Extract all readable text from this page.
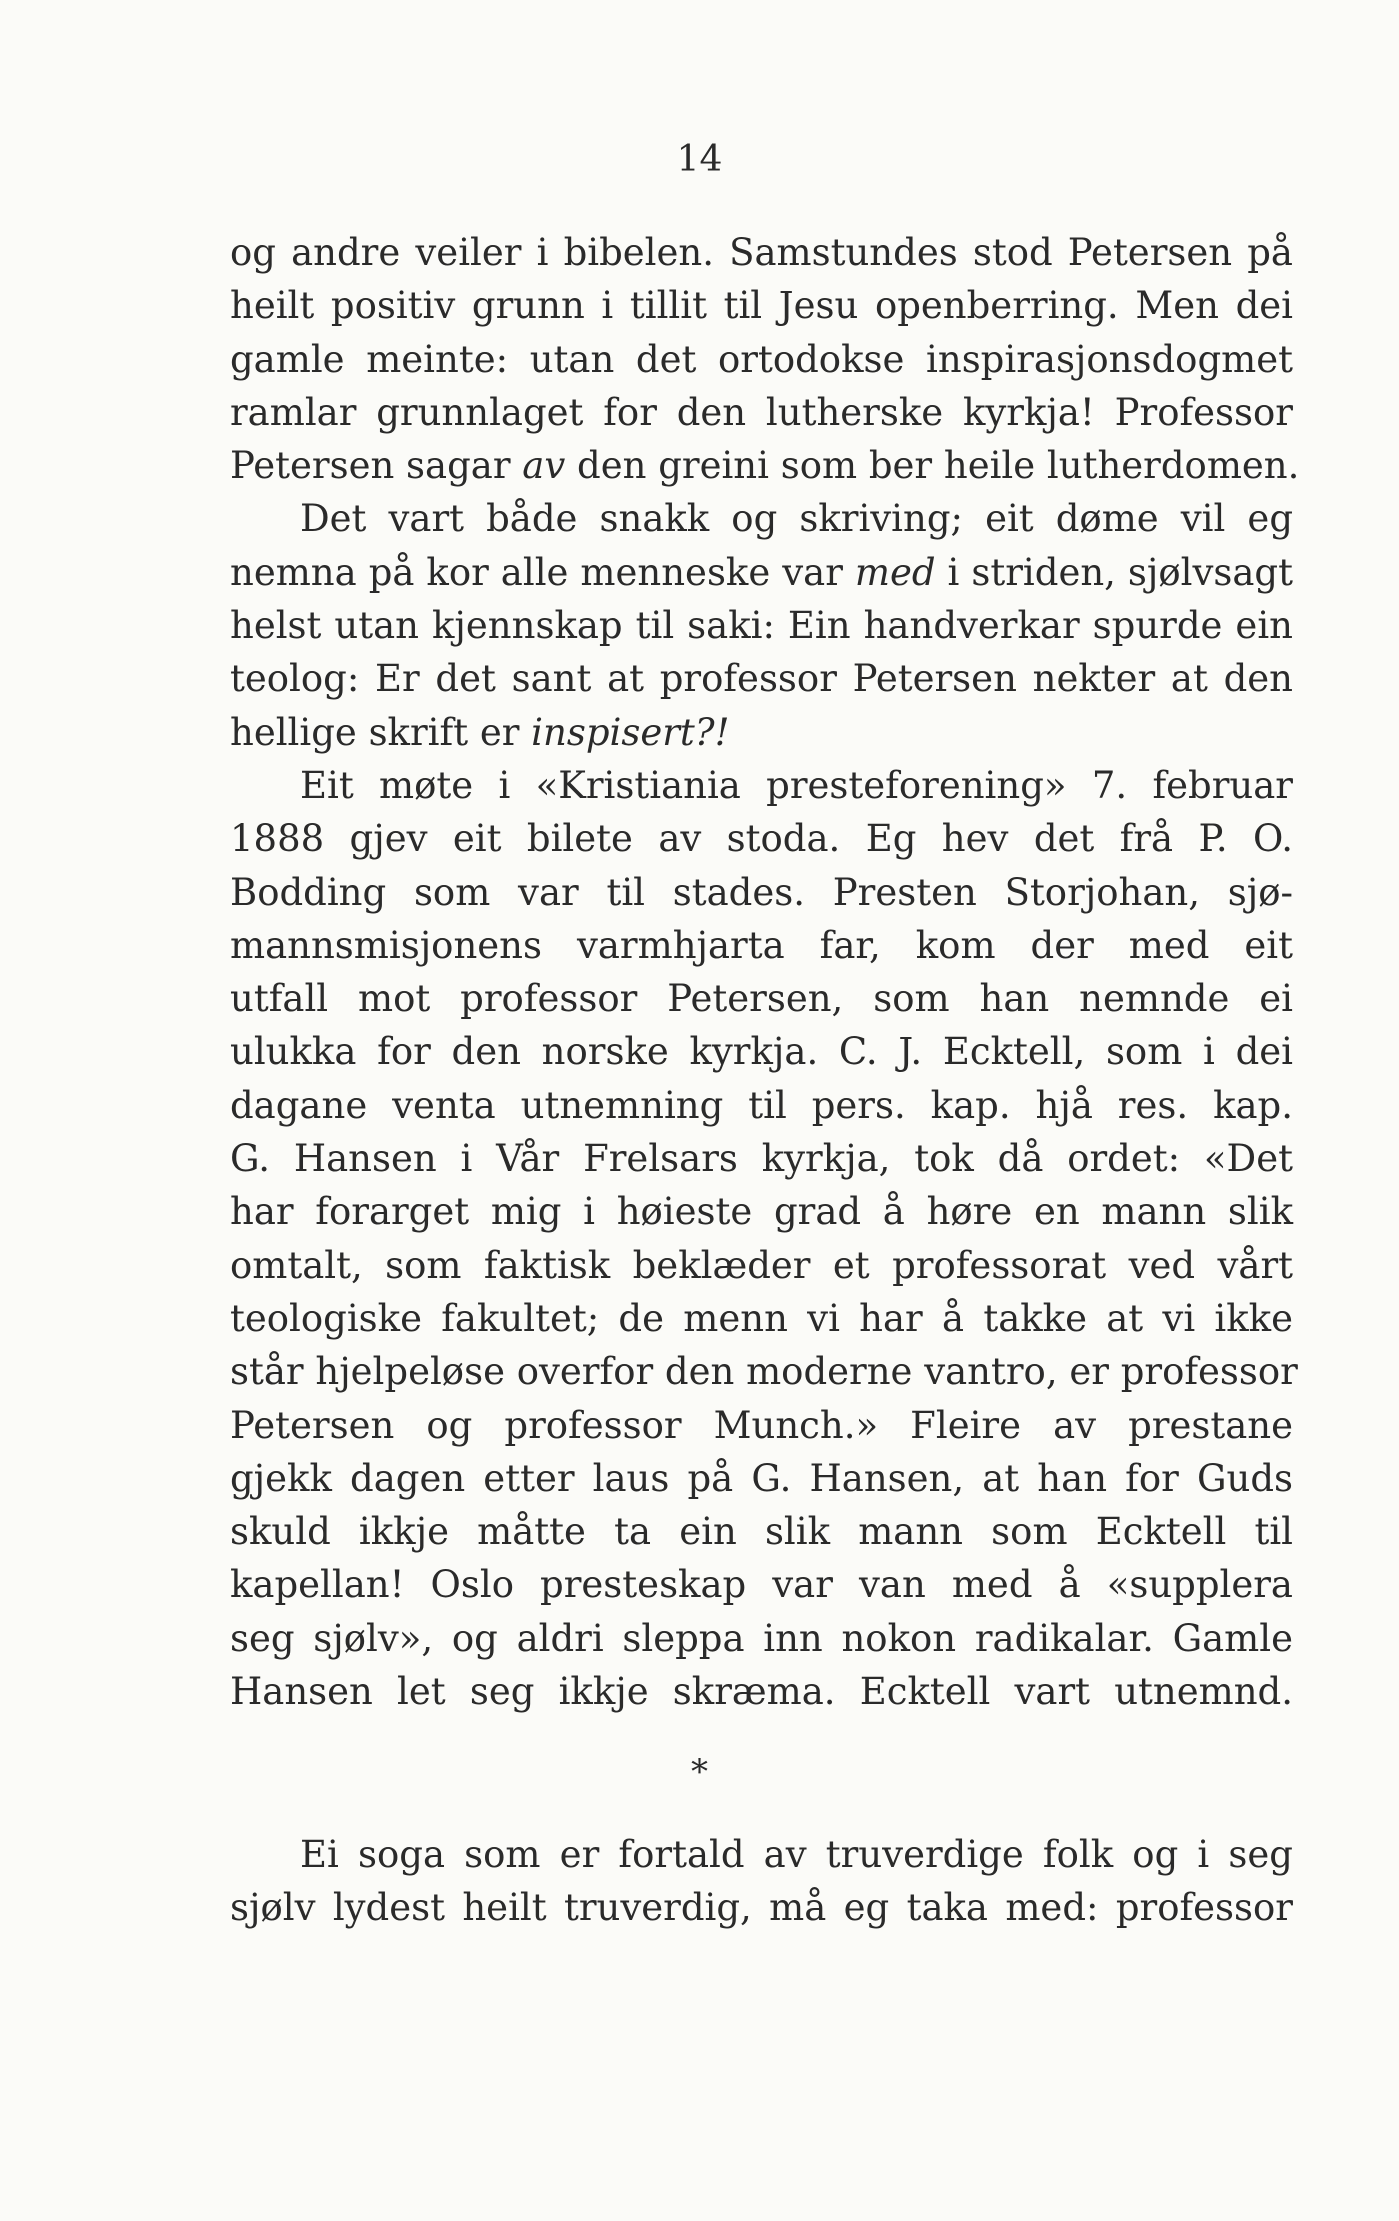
14
og andre veiler i bibelen. Samstundes stod Petersen på
heilt positiv grunn i tillit til Jesu openberring. Men dei
gamle meinte: utan det ortodokse inspirasjonsdogmet
ramlar grunnlaget for den lutherske kyrkja! Professor
Petersen sagar av den greini som ber heile lutherdomen.
Det vart både snakk og skriving; eit døme vil eg
nemna på kor alle menneske var med i striden, sjølvsagt
helst utan kjennskap til saki: Ein handverkar spurde ein
teolog: Er det sant at professor Petersen nekter at den
hellige skrift er inspisert?!
Eit møte i «Kristiania presteforening» 7. februar
1888 gjev eit bilete av stoda. Eg hev det frå P. O.
Bodding som var til stades. Presten Storjohan, sjø-
mannsmisjonens varmhjarta far, kom der med eit
utfall mot professor Petersen, som han nemnde ei
ulukka for den norske kyrkja. C. J. Ecktell, som i dei
dagane venta utnemning til pers. kap. hjå res. kap.
G. Hansen i Vår Frelsars kyrkja, tok då ordet: «Det
har forarget mig i høieste grad å høre en mann slik
omtalt, som faktisk beklæder et professorat ved vårt
teologiske fakultet; de menn vi har å takke at vi ikke
står hjelpeløse overfor den moderne vantro, er professor
Petersen og professor Munch.» Fleire av prestane
gjekk dagen etter laus på G. Hansen, at han for Guds
skuld ikkje måtte ta ein slik mann som Ecktell til
kapellan! Oslo presteskap var van med å «supplera
seg sjølv», og aldri sleppa inn nokon radikalar. Gamle
Hansen let seg ikkje skræma. Ecktell vart utnemnd.
*
Ei soga som er fortald av truverdige folk og i seg
sjølv lydest heilt truverdig, må eg taka med: professor
